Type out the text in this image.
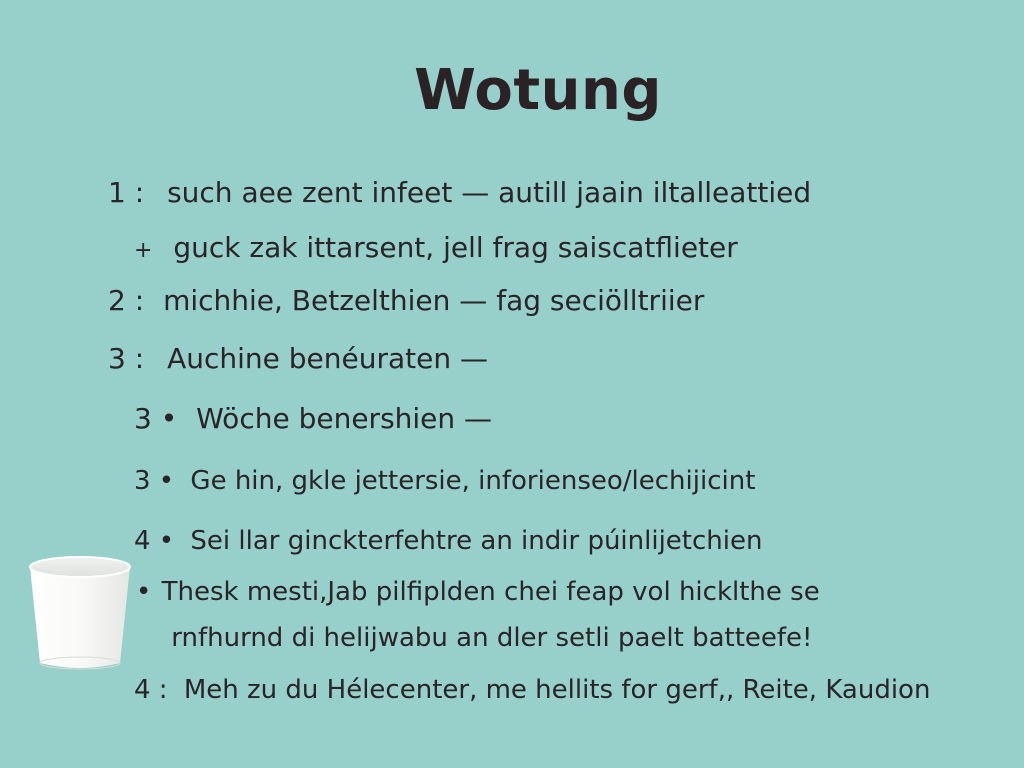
Wotung
1 : such aee zent infeet — autill jaain iltalleattied
+ guck zak ittarsent, jell frag saiscatflieter
2 : michhie, Betzelthien — fag seciölltriier
3 : Auchine benéuraten —
3 • Wöche benershien —
3 • Ge hin, gkle jettersie, inforienseo/lechijicint
4 • Sei llar ginckterfehtre an indir púinlijetchien
• Thesk mesti,Jab pilfiplden chei feap vol hicklthe se
rnfhurnd di helijwabu an dler setli paelt batteefe!
4 : Meh zu du Hélecenter, me hellits for gerf,, Reite, Kaudion
